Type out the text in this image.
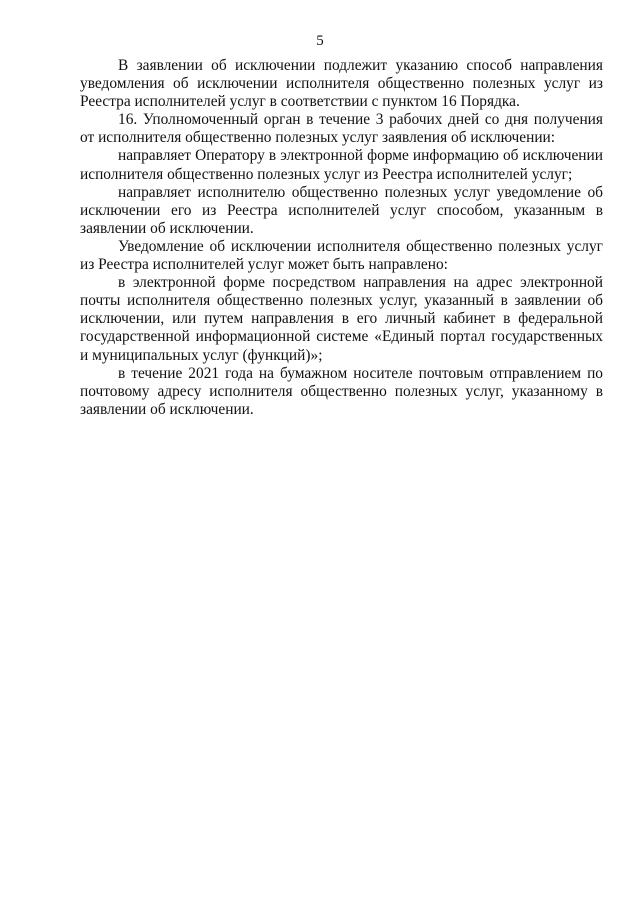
5

В заявлении об исключении подлежит указанию способ направления уведомления об исключении исполнителя общественно полезных услуг из Реестра исполнителей услуг в соответствии с пунктом 16 Порядка.

16. Уполномоченный орган в течение 3 рабочих дней со дня получения от исполнителя общественно полезных услуг заявления об исключении:

направляет Оператору в электронной форме информацию об исключении исполнителя общественно полезных услуг из Реестра исполнителей услуг;

направляет исполнителю общественно полезных услуг уведомление об исключении его из Реестра исполнителей услуг способом, указанным в заявлении об исключении.

Уведомление об исключении исполнителя общественно полезных услуг из Реестра исполнителей услуг может быть направлено:

в электронной форме посредством направления на адрес электронной почты исполнителя общественно полезных услуг, указанный в заявлении об исключении, или путем направления в его личный кабинет в федеральной государственной информационной системе «Единый портал государственных и муниципальных услуг (функций)»;

в течение 2021 года на бумажном носителе почтовым отправлением по почтовому адресу исполнителя общественно полезных услуг, указанному в заявлении об исключении.
